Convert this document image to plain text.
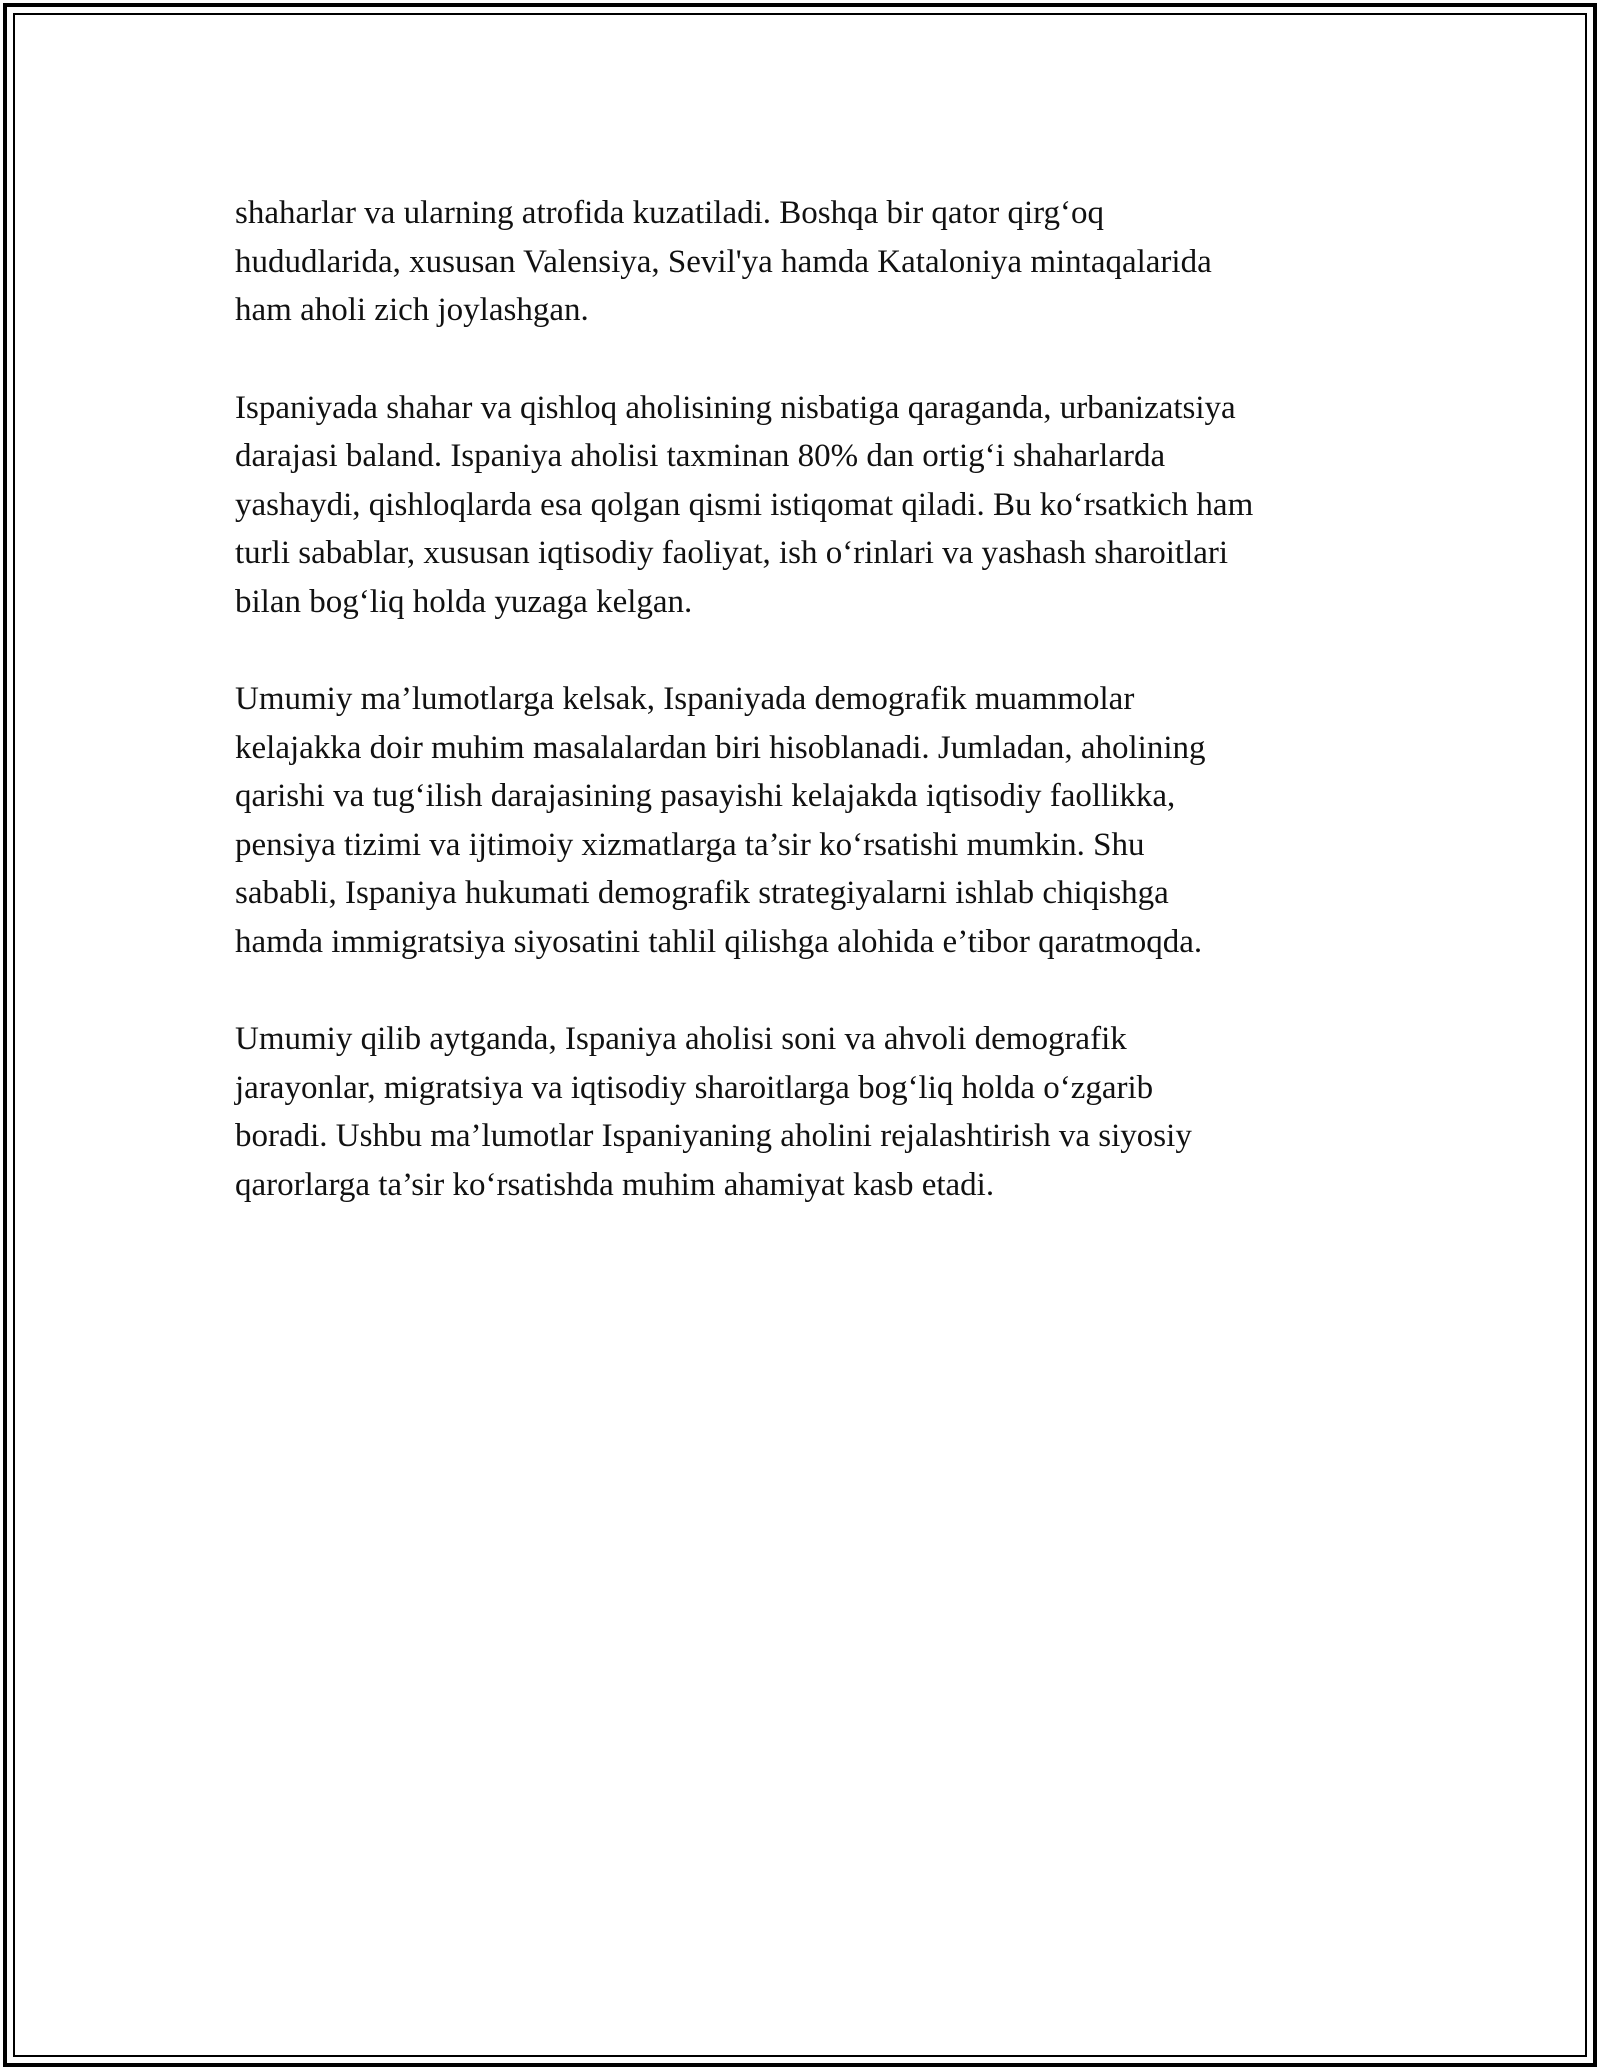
shaharlar va ularning atrofida kuzatiladi. Boshqa bir qator qirg‘oq
hududlarida, xususan Valensiya, Sevil'ya hamda Kataloniya mintaqalarida
ham aholi zich joylashgan.

Ispaniyada shahar va qishloq aholisining nisbatiga qaraganda, urbanizatsiya
darajasi baland. Ispaniya aholisi taxminan 80% dan ortig‘i shaharlarda
yashaydi, qishloqlarda esa qolgan qismi istiqomat qiladi. Bu ko‘rsatkich ham
turli sabablar, xususan iqtisodiy faoliyat, ish o‘rinlari va yashash sharoitlari
bilan bog‘liq holda yuzaga kelgan.

Umumiy ma’lumotlarga kelsak, Ispaniyada demografik muammolar
kelajakka doir muhim masalalardan biri hisoblanadi. Jumladan, aholining
qarishi va tug‘ilish darajasining pasayishi kelajakda iqtisodiy faollikka,
pensiya tizimi va ijtimoiy xizmatlarga ta’sir ko‘rsatishi mumkin. Shu
sababli, Ispaniya hukumati demografik strategiyalarni ishlab chiqishga
hamda immigratsiya siyosatini tahlil qilishga alohida e’tibor qaratmoqda.

Umumiy qilib aytganda, Ispaniya aholisi soni va ahvoli demografik
jarayonlar, migratsiya va iqtisodiy sharoitlarga bog‘liq holda o‘zgarib
boradi. Ushbu ma’lumotlar Ispaniyaning aholini rejalashtirish va siyosiy
qarorlarga ta’sir ko‘rsatishda muhim ahamiyat kasb etadi.
